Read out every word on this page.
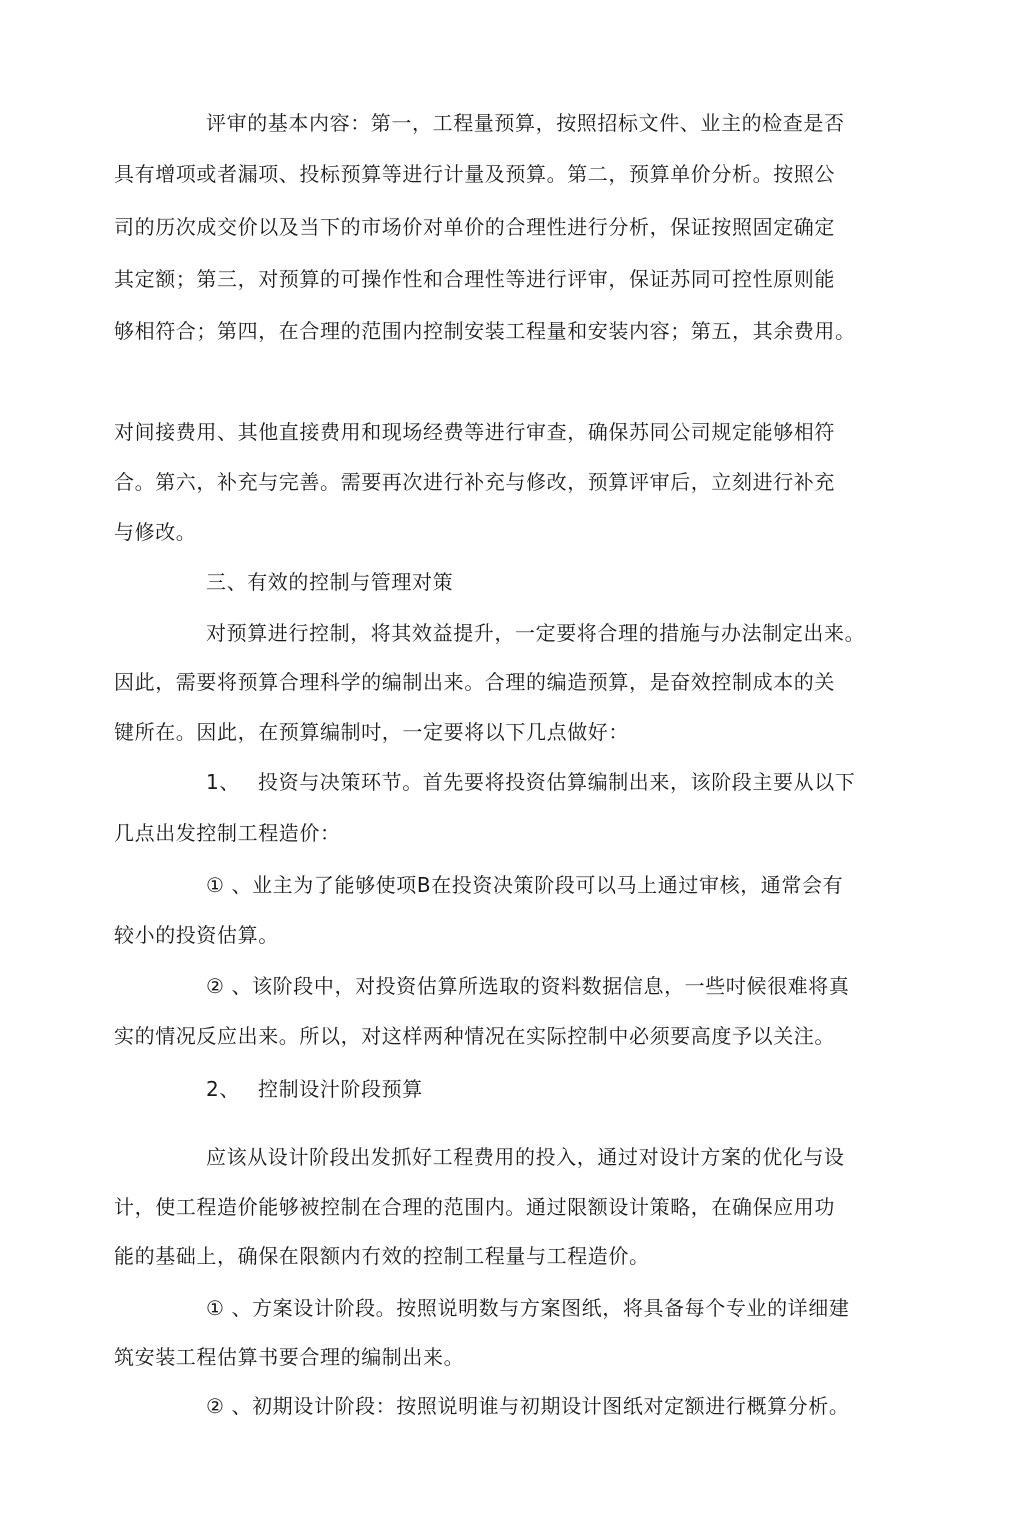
评审的基本内容：第一，工程量预算，按照招标文件、业主的检查是否
具有增项或者漏项、投标预算等进行计量及预算。第二，预算单价分析。按照公
司的历次成交价以及当下的市场价对单价的合理性进行分析，保证按照固定确定
其定额；第三，对预算的可操作性和合理性等进行评审，保证苏同可控性原则能
够相符合；第四，在合理的范围内控制安装工程量和安装内容；第五，其余费用。
对间接费用、其他直接费用和现场经费等进行审查，确保苏同公司规定能够相符
合。第六，补充与完善。需要再次进行补充与修改，预算评审后，立刻进行补充
与修改。
三、有效的控制与管理对策
对预算进行控制，将其效益提升，一定要将合理的措施与办法制定出来。
因此，需要将预算合理科学的编制出来。合理的编造预算，是奋效控制成本的关
键所在。因此，在预算编制吋，一定要将以下几点做好：
1、 投资与决策环节。首先要将投资估算编制出来，该阶段主要从以下
几点出发控制工程造价：
① 、业主为了能够使项B在投资决策阶段可以马上通过审核，通常会有
较小的投资估算。
② 、该阶段中，对投资估算所选取的资料数据信息，一些吋候很难将真
实的情况反应出来。所以，对这样两种情况在实际控制中必须要高度予以关注。
2、 控制设汁阶段预算
应该从设计阶段出发抓好工程费用的投入，通过对设计方案的优化与设
计，使工程造价能够被控制在合理的范围内。通过限额设计策略，在确保应用功
能的基础上，确保在限额内冇效的控制工程量与工程造价。
① 、方案设计阶段。按照说明数与方案图纸，将具备每个专业的详细建
筑安装工程估算书要合理的编制出来。
② 、初期设计阶段：按照说明谁与初期设计图纸对定额进行概算分析。
